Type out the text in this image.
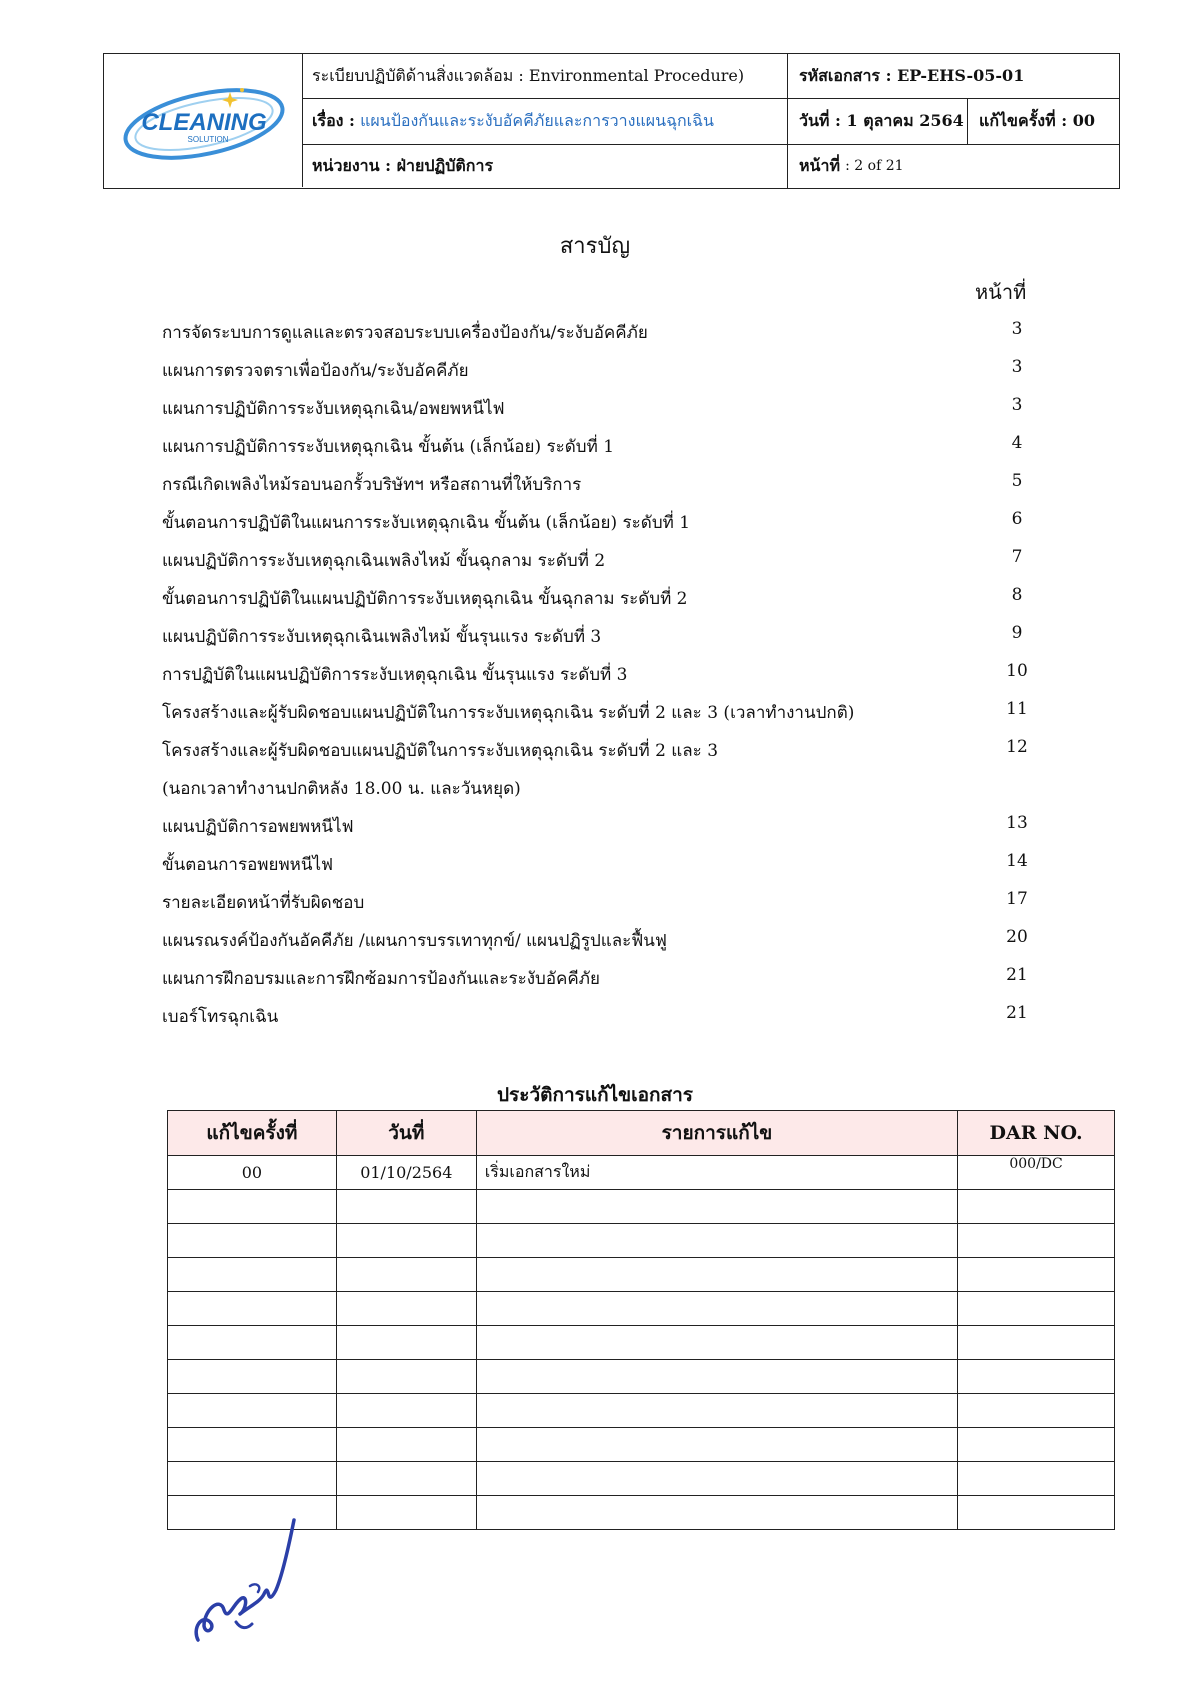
CLEANING
SOLUTION
ระเบียบปฏิบัติด้านสิ่งแวดล้อม : Environmental Procedure)	รหัสเอกสาร : EP-EHS-05-01
เรื่อง :
แผนป้องกันและระงับอัคคีภัยและการวางแผนฉุกเฉิน	วันที่ : 1 ตุลาคม 2564 แก้ไขครั้งที่ : 00
หน่วยงาน : ฝ่ายปฏิบัติการ	หน้าที่
: 2 of 21
สารบัญ
หน้าที่
การจัดระบบการดูแลและตรวจสอบระบบเครื่องป้องกัน/ระงับอัคคีภัย	3
แผนการตรวจตราเพื่อป้องกัน/ระงับอัคคีภัย	3
แผนการปฏิบัติการระงับเหตุฉุกเฉิน/อพยพหนีไฟ	3
แผนการปฏิบัติการระงับเหตุฉุกเฉิน ขั้นต้น (เล็กน้อย) ระดับที่ 1	4
กรณีเกิดเพลิงไหม้รอบนอกรั้วบริษัทฯ หรือสถานที่ให้บริการ	5
ขั้นตอนการปฏิบัติในแผนการระงับเหตุฉุกเฉิน ขั้นต้น (เล็กน้อย) ระดับที่ 1	6
แผนปฏิบัติการระงับเหตุฉุกเฉินเพลิงไหม้ ขั้นฉุกลาม ระดับที่ 2	7
ขั้นตอนการปฏิบัติในแผนปฏิบัติการระงับเหตุฉุกเฉิน ขั้นฉุกลาม ระดับที่ 2	8
แผนปฏิบัติการระงับเหตุฉุกเฉินเพลิงไหม้ ขั้นรุนแรง ระดับที่ 3	9
การปฏิบัติในแผนปฏิบัติการระงับเหตุฉุกเฉิน ขั้นรุนแรง ระดับที่ 3	10
โครงสร้างและผู้รับผิดชอบแผนปฏิบัติในการระงับเหตุฉุกเฉิน ระดับที่ 2 และ 3 (เวลาทำงานปกติ)	11
โครงสร้างและผู้รับผิดชอบแผนปฏิบัติในการระงับเหตุฉุกเฉิน ระดับที่ 2 และ 3	12
(นอกเวลาทำงานปกติหลัง 18.00 น. และวันหยุด)
แผนปฏิบัติการอพยพหนีไฟ	13
ขั้นตอนการอพยพหนีไฟ	14
รายละเอียดหน้าที่รับผิดชอบ	17
แผนรณรงค์ป้องกันอัคคีภัย /แผนการบรรเทาทุกข์/ แผนปฏิรูปและฟื้นฟู	20
แผนการฝึกอบรมและการฝึกซ้อมการป้องกันและระงับอัคคีภัย	21
เบอร์โทรฉุกเฉิน	21
ประวัติการแก้ไขเอกสาร
แก้ไขครั้งที่	วันที่	รายการแก้ไข	DAR NO.
00	01/10/2564	เริ่มเอกสารใหม่	000/DC
